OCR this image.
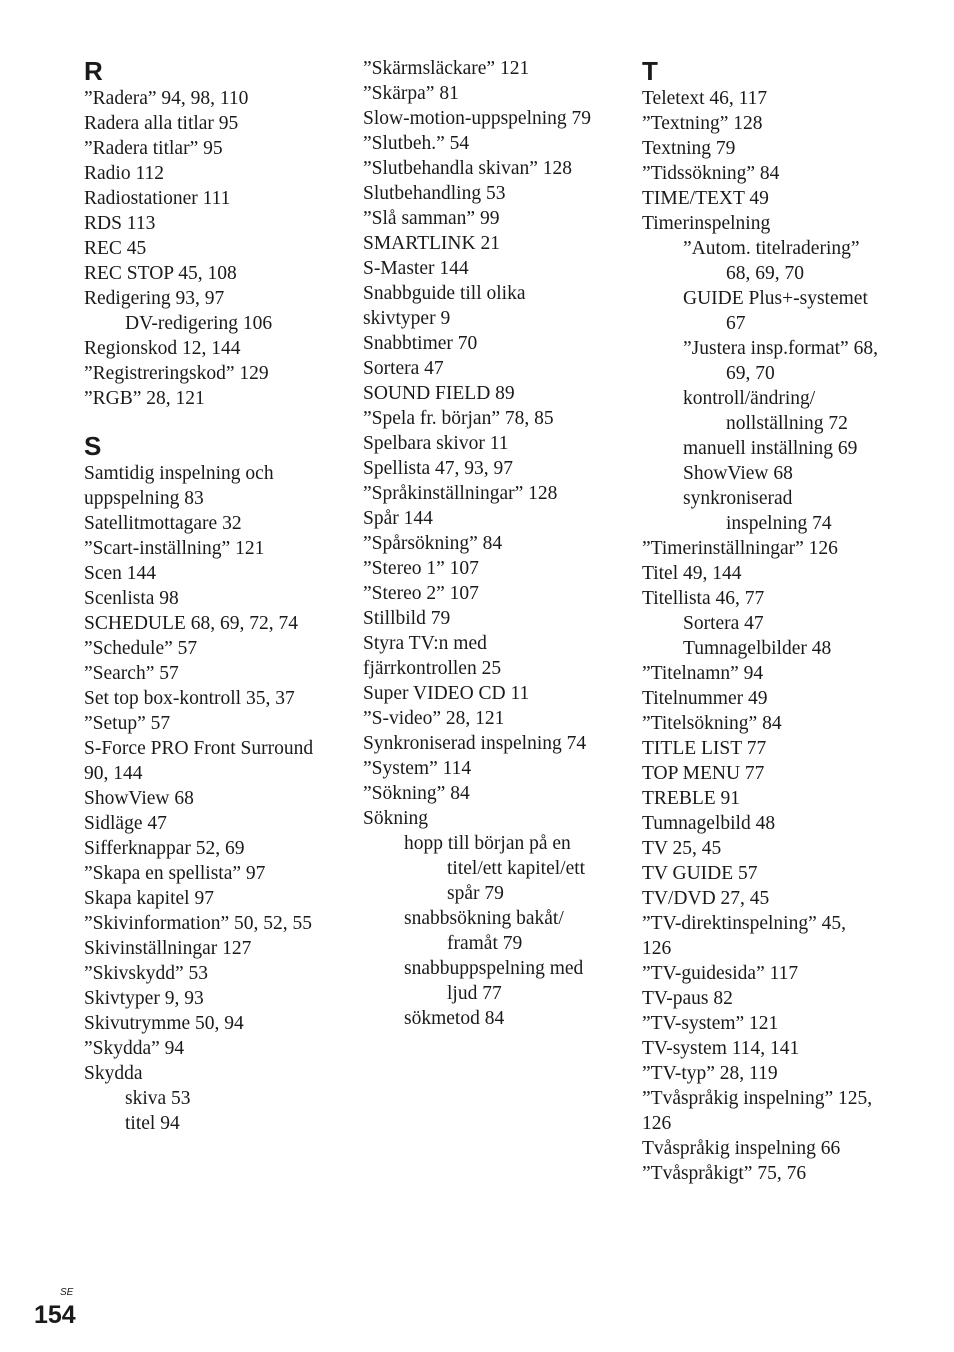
R
”Radera” 94, 98, 110
Radera alla titlar 95
”Radera titlar” 95
Radio 112
Radiostationer 111
RDS 113
REC 45
REC STOP 45, 108
Redigering 93, 97
DV-redigering 106
Regionskod 12, 144
”Registreringskod” 129
”RGB” 28, 121
S
Samtidig inspelning och
uppspelning 83
Satellitmottagare 32
”Scart-inställning” 121
Scen 144
Scenlista 98
SCHEDULE 68, 69, 72, 74
”Schedule” 57
”Search” 57
Set top box-kontroll 35, 37
”Setup” 57
S-Force PRO Front Surround
90, 144
ShowView 68
Sidläge 47
Sifferknappar 52, 69
”Skapa en spellista” 97
Skapa kapitel 97
”Skivinformation” 50, 52, 55
Skivinställningar 127
”Skivskydd” 53
Skivtyper 9, 93
Skivutrymme 50, 94
”Skydda” 94
Skydda
skiva 53
titel 94
”Skärmsläckare” 121
”Skärpa” 81
Slow-motion-uppspelning 79
”Slutbeh.” 54
”Slutbehandla skivan” 128
Slutbehandling 53
”Slå samman” 99
SMARTLINK 21
S-Master 144
Snabbguide till olika
skivtyper 9
Snabbtimer 70
Sortera 47
SOUND FIELD 89
”Spela fr. början” 78, 85
Spelbara skivor 11
Spellista 47, 93, 97
”Språkinställningar” 128
Spår 144
”Spårsökning” 84
”Stereo 1” 107
”Stereo 2” 107
Stillbild 79
Styra TV:n med
fjärrkontrollen 25
Super VIDEO CD 11
”S-video” 28, 121
Synkroniserad inspelning 74
”System” 114
”Sökning” 84
Sökning
hopp till början på en
titel/ett kapitel/ett
spår 79
snabbsökning bakåt/
framåt 79
snabbuppspelning med
ljud 77
sökmetod 84
T
Teletext 46, 117
”Textning” 128
Textning 79
”Tidssökning” 84
TIME/TEXT 49
Timerinspelning
”Autom. titelradering”
68, 69, 70
GUIDE Plus+-systemet
67
”Justera insp.format” 68,
69, 70
kontroll/ändring/
nollställning 72
manuell inställning 69
ShowView 68
synkroniserad
inspelning 74
”Timerinställningar” 126
Titel 49, 144
Titellista 46, 77
Sortera 47
Tumnagelbilder 48
”Titelnamn” 94
Titelnummer 49
”Titelsökning” 84
TITLE LIST 77
TOP MENU 77
TREBLE 91
Tumnagelbild 48
TV 25, 45
TV GUIDE 57
TV/DVD 27, 45
”TV-direktinspelning” 45,
126
”TV-guidesida” 117
TV-paus 82
”TV-system” 121
TV-system 114, 141
”TV-typ” 28, 119
”Tvåspråkig inspelning” 125,
126
Tvåspråkig inspelning 66
”Tvåspråkigt” 75, 76
SE
154
